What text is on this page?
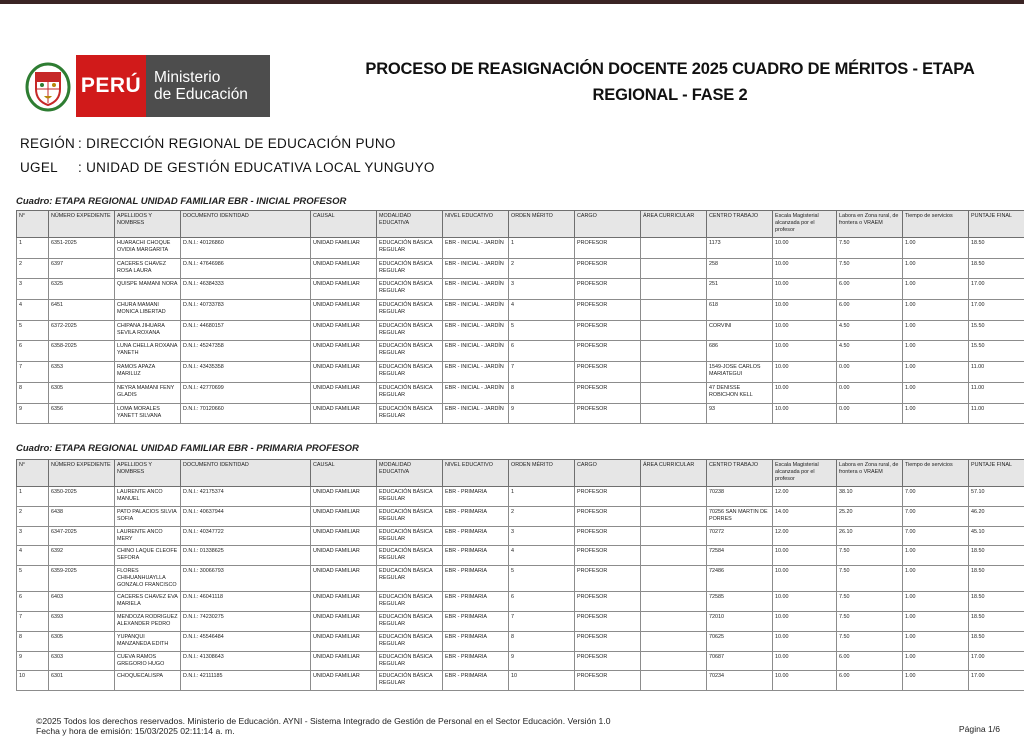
PERÚ Ministerio
de Educación
PROCESO DE REASIGNACIÓN DOCENTE 2025 CUADRO DE MÉRITOS - ETAPA
REGIONAL - FASE 2
REGIÓN : DIRECCIÓN REGIONAL DE EDUCACIÓN PUNO
UGEL : UNIDAD DE GESTIÓN EDUCATIVA LOCAL YUNGUYO
Cuadro: ETAPA REGIONAL UNIDAD FAMILIAR EBR - INICIAL PROFESOR
N°	NÚMERO EXPEDIENTE	APELLIDOS Y NOMBRES	DOCUMENTO IDENTIDAD	CAUSAL	MODALIDAD EDUCATIVA	NIVEL EDUCATIVO	ORDEN MÉRITO	CARGO	ÁREA CURRICULAR	CENTRO TRABAJO	Escala Magisterial alcanzada por el profesor	Labora en Zona rural, de frontera o VRAEM	Tiempo de servicios	PUNTAJE FINAL
1	6351-2025	HUARACHI CHOQUE OVIDIA MARGARITA	D.N.I.: 40126860	UNIDAD FAMILIAR	EDUCACIÓN BÁSICA REGULAR	EBR - INICIAL - JARDÍN	1	PROFESOR		1173	10.00	7.50	1.00	18.50
2	6397	CACERES CHAVEZ ROSA LAURA	D.N.I.: 47646986	UNIDAD FAMILIAR	EDUCACIÓN BÁSICA REGULAR	EBR - INICIAL - JARDÍN	2	PROFESOR		258	10.00	7.50	1.00	18.50
3	6325	QUISPE MAMANI NORA	D.N.I.: 46384333	UNIDAD FAMILIAR	EDUCACIÓN BÁSICA REGULAR	EBR - INICIAL - JARDÍN	3	PROFESOR		251	10.00	6.00	1.00	17.00
4	6451	CHURA MAMANI MONICA LIBERTAD	D.N.I.: 40733783	UNIDAD FAMILIAR	EDUCACIÓN BÁSICA REGULAR	EBR - INICIAL - JARDÍN	4	PROFESOR		618	10.00	6.00	1.00	17.00
5	6372-2025	CHIPANA JIHUARA SEVILA ROXANA	D.N.I.: 44680157	UNIDAD FAMILIAR	EDUCACIÓN BÁSICA REGULAR	EBR - INICIAL - JARDÍN	5	PROFESOR		CORVINI	10.00	4.50	1.00	15.50
6	6358-2025	LUNA CHELLA ROXANA YANETH	D.N.I.: 45247358	UNIDAD FAMILIAR	EDUCACIÓN BÁSICA REGULAR	EBR - INICIAL - JARDÍN	6	PROFESOR		686	10.00	4.50	1.00	15.50
7	6353	RAMOS APAZA MARILUZ	D.N.I.: 43435358	UNIDAD FAMILIAR	EDUCACIÓN BÁSICA REGULAR	EBR - INICIAL - JARDÍN	7	PROFESOR		1549-JOSE CARLOS MARIATEGUI	10.00	0.00	1.00	11.00
8	6305	NEYRA MAMANI FENY GLADIS	D.N.I.: 42770699	UNIDAD FAMILIAR	EDUCACIÓN BÁSICA REGULAR	EBR - INICIAL - JARDÍN	8	PROFESOR		47 DENISSE ROBICHON KELL	10.00	0.00	1.00	11.00
9	6356	LOMA MORALES YANETT SILVANA	D.N.I.: 70120660	UNIDAD FAMILIAR	EDUCACIÓN BÁSICA REGULAR	EBR - INICIAL - JARDÍN	9	PROFESOR		93	10.00	0.00	1.00	11.00
Cuadro: ETAPA REGIONAL UNIDAD FAMILIAR EBR - PRIMARIA PROFESOR
N°	NÚMERO EXPEDIENTE	APELLIDOS Y NOMBRES	DOCUMENTO IDENTIDAD	CAUSAL	MODALIDAD EDUCATIVA	NIVEL EDUCATIVO	ORDEN MÉRITO	CARGO	ÁREA CURRICULAR	CENTRO TRABAJO	Escala Magisterial alcanzada por el profesor	Labora en Zona rural, de frontera o VRAEM	Tiempo de servicios	PUNTAJE FINAL
1	6350-2025	LAURENTE ANCO MANUEL	D.N.I.: 42175374	UNIDAD FAMILIAR	EDUCACIÓN BÁSICA REGULAR	EBR - PRIMARIA	1	PROFESOR		70238	12.00	38.10	7.00	57.10
2	6438	PATO PALACIOS SILVIA SOFIA	D.N.I.: 40637944	UNIDAD FAMILIAR	EDUCACIÓN BÁSICA REGULAR	EBR - PRIMARIA	2	PROFESOR		70256 SAN MARTIN DE PORRES	14.00	25.20	7.00	46.20
3	6347-2025	LAURENTE ANCO MERY	D.N.I.: 40347722	UNIDAD FAMILIAR	EDUCACIÓN BÁSICA REGULAR	EBR - PRIMARIA	3	PROFESOR		70272	12.00	26.10	7.00	45.10
4	6392	CHINO LAQUE CLEOFE SEFORA	D.N.I.: 01338625	UNIDAD FAMILIAR	EDUCACIÓN BÁSICA REGULAR	EBR - PRIMARIA	4	PROFESOR		72584	10.00	7.50	1.00	18.50
5	6359-2025	FLORES CHIHUANHUAYLLA GONZALO FRANCISCO	D.N.I.: 30066793	UNIDAD FAMILIAR	EDUCACIÓN BÁSICA REGULAR	EBR - PRIMARIA	5	PROFESOR		72486	10.00	7.50	1.00	18.50
6	6403	CACERES CHAVEZ EVA MARIELA	D.N.I.: 46041118	UNIDAD FAMILIAR	EDUCACIÓN BÁSICA REGULAR	EBR - PRIMARIA	6	PROFESOR		72585	10.00	7.50	1.00	18.50
7	6393	MENDOZA RODRIGUEZ ALEXANDER PEDRO	D.N.I.: 74230275	UNIDAD FAMILIAR	EDUCACIÓN BÁSICA REGULAR	EBR - PRIMARIA	7	PROFESOR		72010	10.00	7.50	1.00	18.50
8	6305	YUPANQUI MANZANEDA EDITH	D.N.I.: 45546484	UNIDAD FAMILIAR	EDUCACIÓN BÁSICA REGULAR	EBR - PRIMARIA	8	PROFESOR		70625	10.00	7.50	1.00	18.50
9	6303	CUEVA RAMOS GREGORIO HUGO	D.N.I.: 41308643	UNIDAD FAMILIAR	EDUCACIÓN BÁSICA REGULAR	EBR - PRIMARIA	9	PROFESOR		70687	10.00	6.00	1.00	17.00
10	6301	CHOQUECALISPA	D.N.I.: 42111185	UNIDAD FAMILIAR	EDUCACIÓN BÁSICA REGULAR	EBR - PRIMARIA	10	PROFESOR		70234	10.00	6.00	1.00	17.00
©2025 Todos los derechos reservados. Ministerio de Educación. AYNI - Sistema Integrado de Gestión de Personal en el Sector Educación. Versión 1.0
Fecha y hora de emisión: 15/03/2025 02:11:14 a. m.	Página 1/6
